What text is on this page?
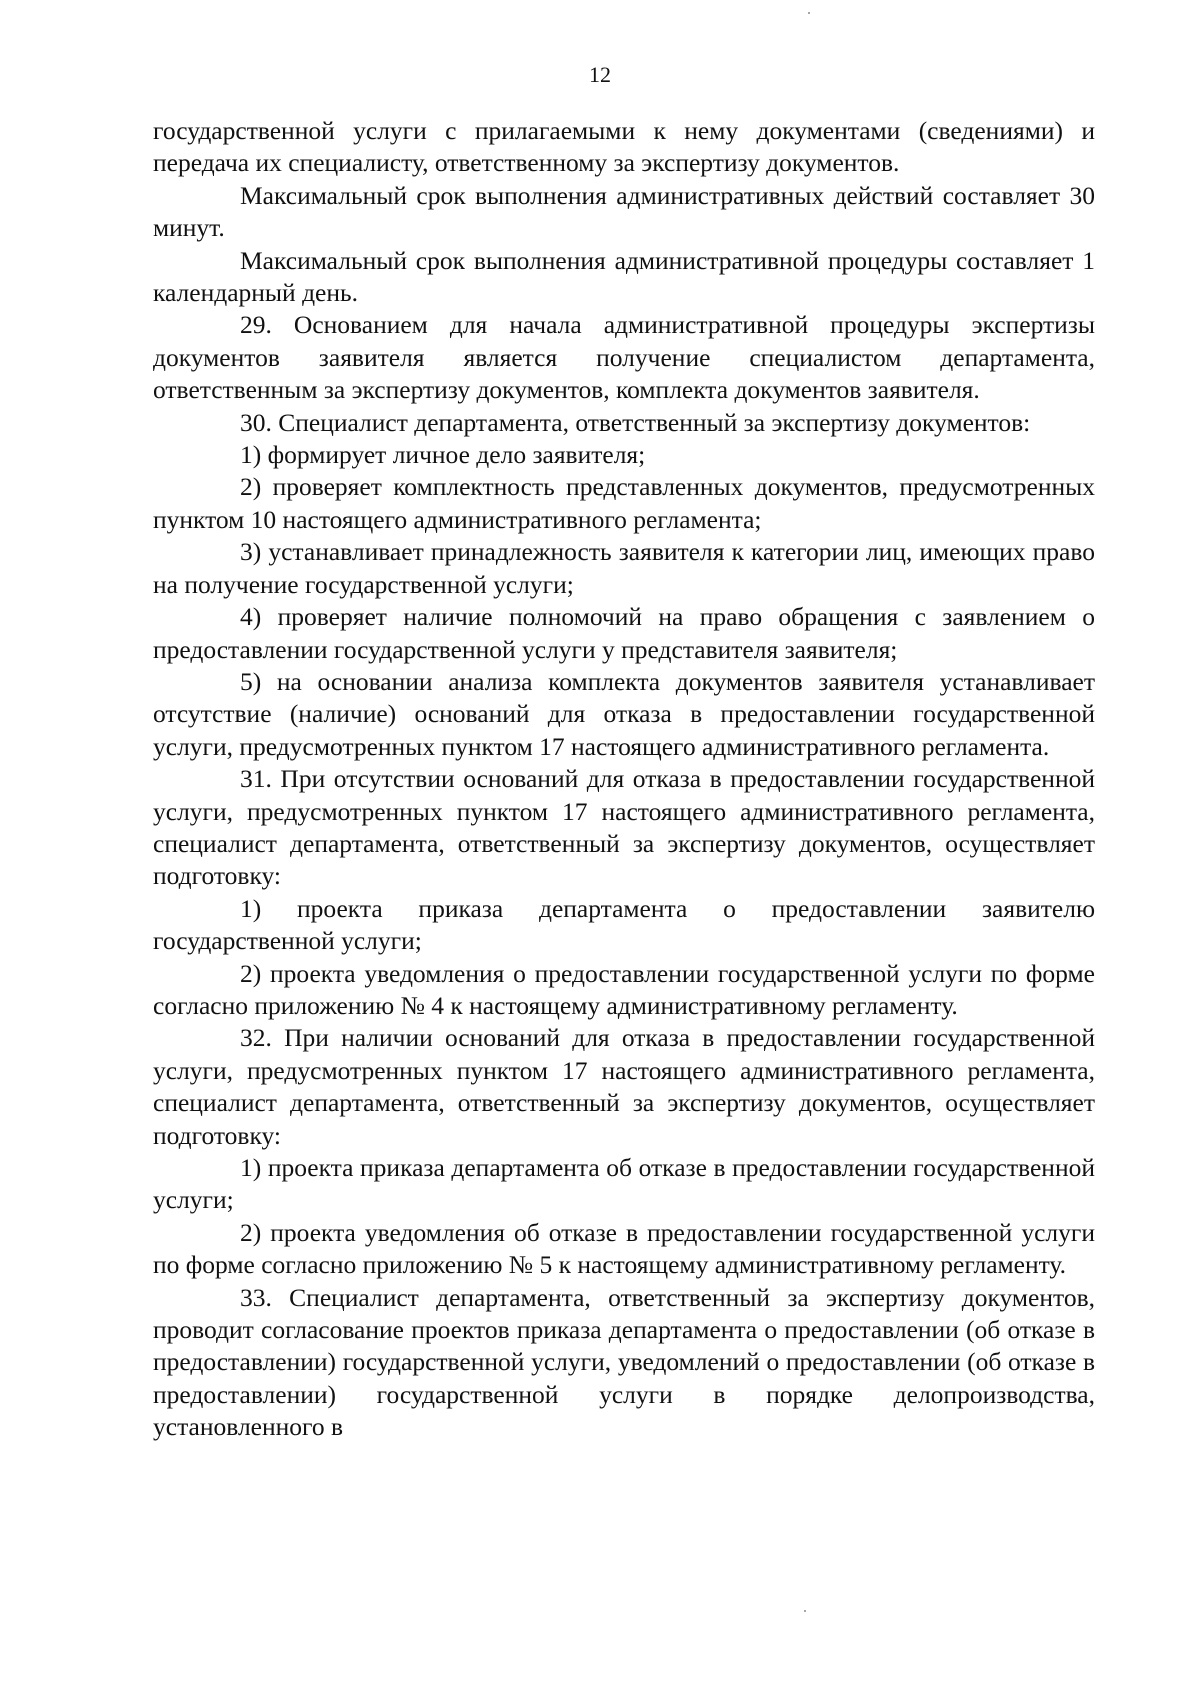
12

государственной услуги с прилагаемыми к нему документами (сведениями) и передача их специалисту, ответственному за экспертизу документов.

Максимальный срок выполнения административных действий составляет 30 минут.

Максимальный срок выполнения административной процедуры составляет 1 календарный день.

29. Основанием для начала административной процедуры экспертизы документов заявителя является получение специалистом департамента, ответственным за экспертизу документов, комплекта документов заявителя.

30. Специалист департамента, ответственный за экспертизу документов:

1) формирует личное дело заявителя;

2) проверяет комплектность представленных документов, предусмотренных пунктом 10 настоящего административного регламента;

3) устанавливает принадлежность заявителя к категории лиц, имеющих право на получение государственной услуги;

4) проверяет наличие полномочий на право обращения с заявлением о предоставлении государственной услуги у представителя заявителя;

5) на основании анализа комплекта документов заявителя устанавливает отсутствие (наличие) оснований для отказа в предоставлении государственной услуги, предусмотренных пунктом 17 настоящего административного регламента.

31. При отсутствии оснований для отказа в предоставлении государственной услуги, предусмотренных пунктом 17 настоящего административного регламента, специалист департамента, ответственный за экспертизу документов, осуществляет подготовку:

1) проекта приказа департамента о предоставлении заявителю государственной услуги;

2) проекта уведомления о предоставлении государственной услуги по форме согласно приложению № 4 к настоящему административному регламенту.

32. При наличии оснований для отказа в предоставлении государственной услуги, предусмотренных пунктом 17 настоящего административного регламента, специалист департамента, ответственный за экспертизу документов, осуществляет подготовку:

1) проекта приказа департамента об отказе в предоставлении государственной услуги;

2) проекта уведомления об отказе в предоставлении государственной услуги по форме согласно приложению № 5 к настоящему административному регламенту.

33. Специалист департамента, ответственный за экспертизу документов, проводит согласование проектов приказа департамента о предоставлении (об отказе в предоставлении) государственной услуги, уведомлений о предоставлении (об отказе в предоставлении) государственной услуги в порядке делопроизводства, установленного в
